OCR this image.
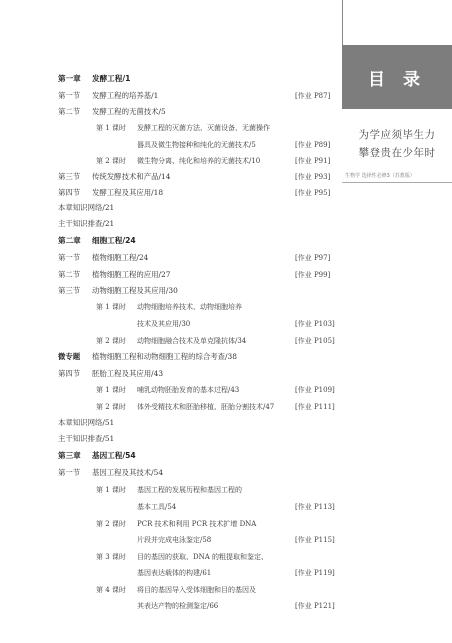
目 录
为学应须毕生力
攀登贵在少年时
生物学 选择性必修3（苏教版）
第一章 发酵工程/1
第一节 发酵工程的培养基/1	[作业 P87]
第二节 发酵工程的无菌技术/5
第 1 课时 发酵工程的灭菌方法、灭菌设备、无菌操作
器具及微生物接种和纯化的无菌技术/5	[作业 P89]
第 2 课时 微生物分离、纯化和培养的无菌技术/10	[作业 P91]
第三节 传统发酵技术和产品/14	[作业 P93]
第四节 发酵工程及其应用/18	[作业 P95]
本章知识网络/21
主干知识排查/21
第二章 细胞工程/24
第一节 植物细胞工程/24	[作业 P97]
第二节 植物细胞工程的应用/27	[作业 P99]
第三节 动物细胞工程及其应用/30
第 1 课时 动物细胞培养技术、动物细胞培养
技术及其应用/30	[作业 P103]
第 2 课时 动物细胞融合技术及单克隆抗体/34	[作业 P105]
微专题 植物细胞工程和动物细胞工程的综合考查/38
第四节 胚胎工程及其应用/43
第 1 课时 哺乳动物胚胎发育的基本过程/43	[作业 P109]
第 2 课时 体外受精技术和胚胎移植、胚胎分割技术/47	[作业 P111]
本章知识网络/51
主干知识排查/51
第三章 基因工程/54
第一节 基因工程及其技术/54
第 1 课时 基因工程的发展历程和基因工程的
基本工具/54	[作业 P113]
第 2 课时 PCR 技术和利用 PCR 技术扩增 DNA
片段并完成电泳鉴定/58	[作业 P115]
第 3 课时 目的基因的获取、DNA 的粗提取和鉴定、
基因表达载体的构建/61	[作业 P119]
第 4 课时 将目的基因导入受体细胞和目的基因及
其表达产物的检测鉴定/66	[作业 P121]
